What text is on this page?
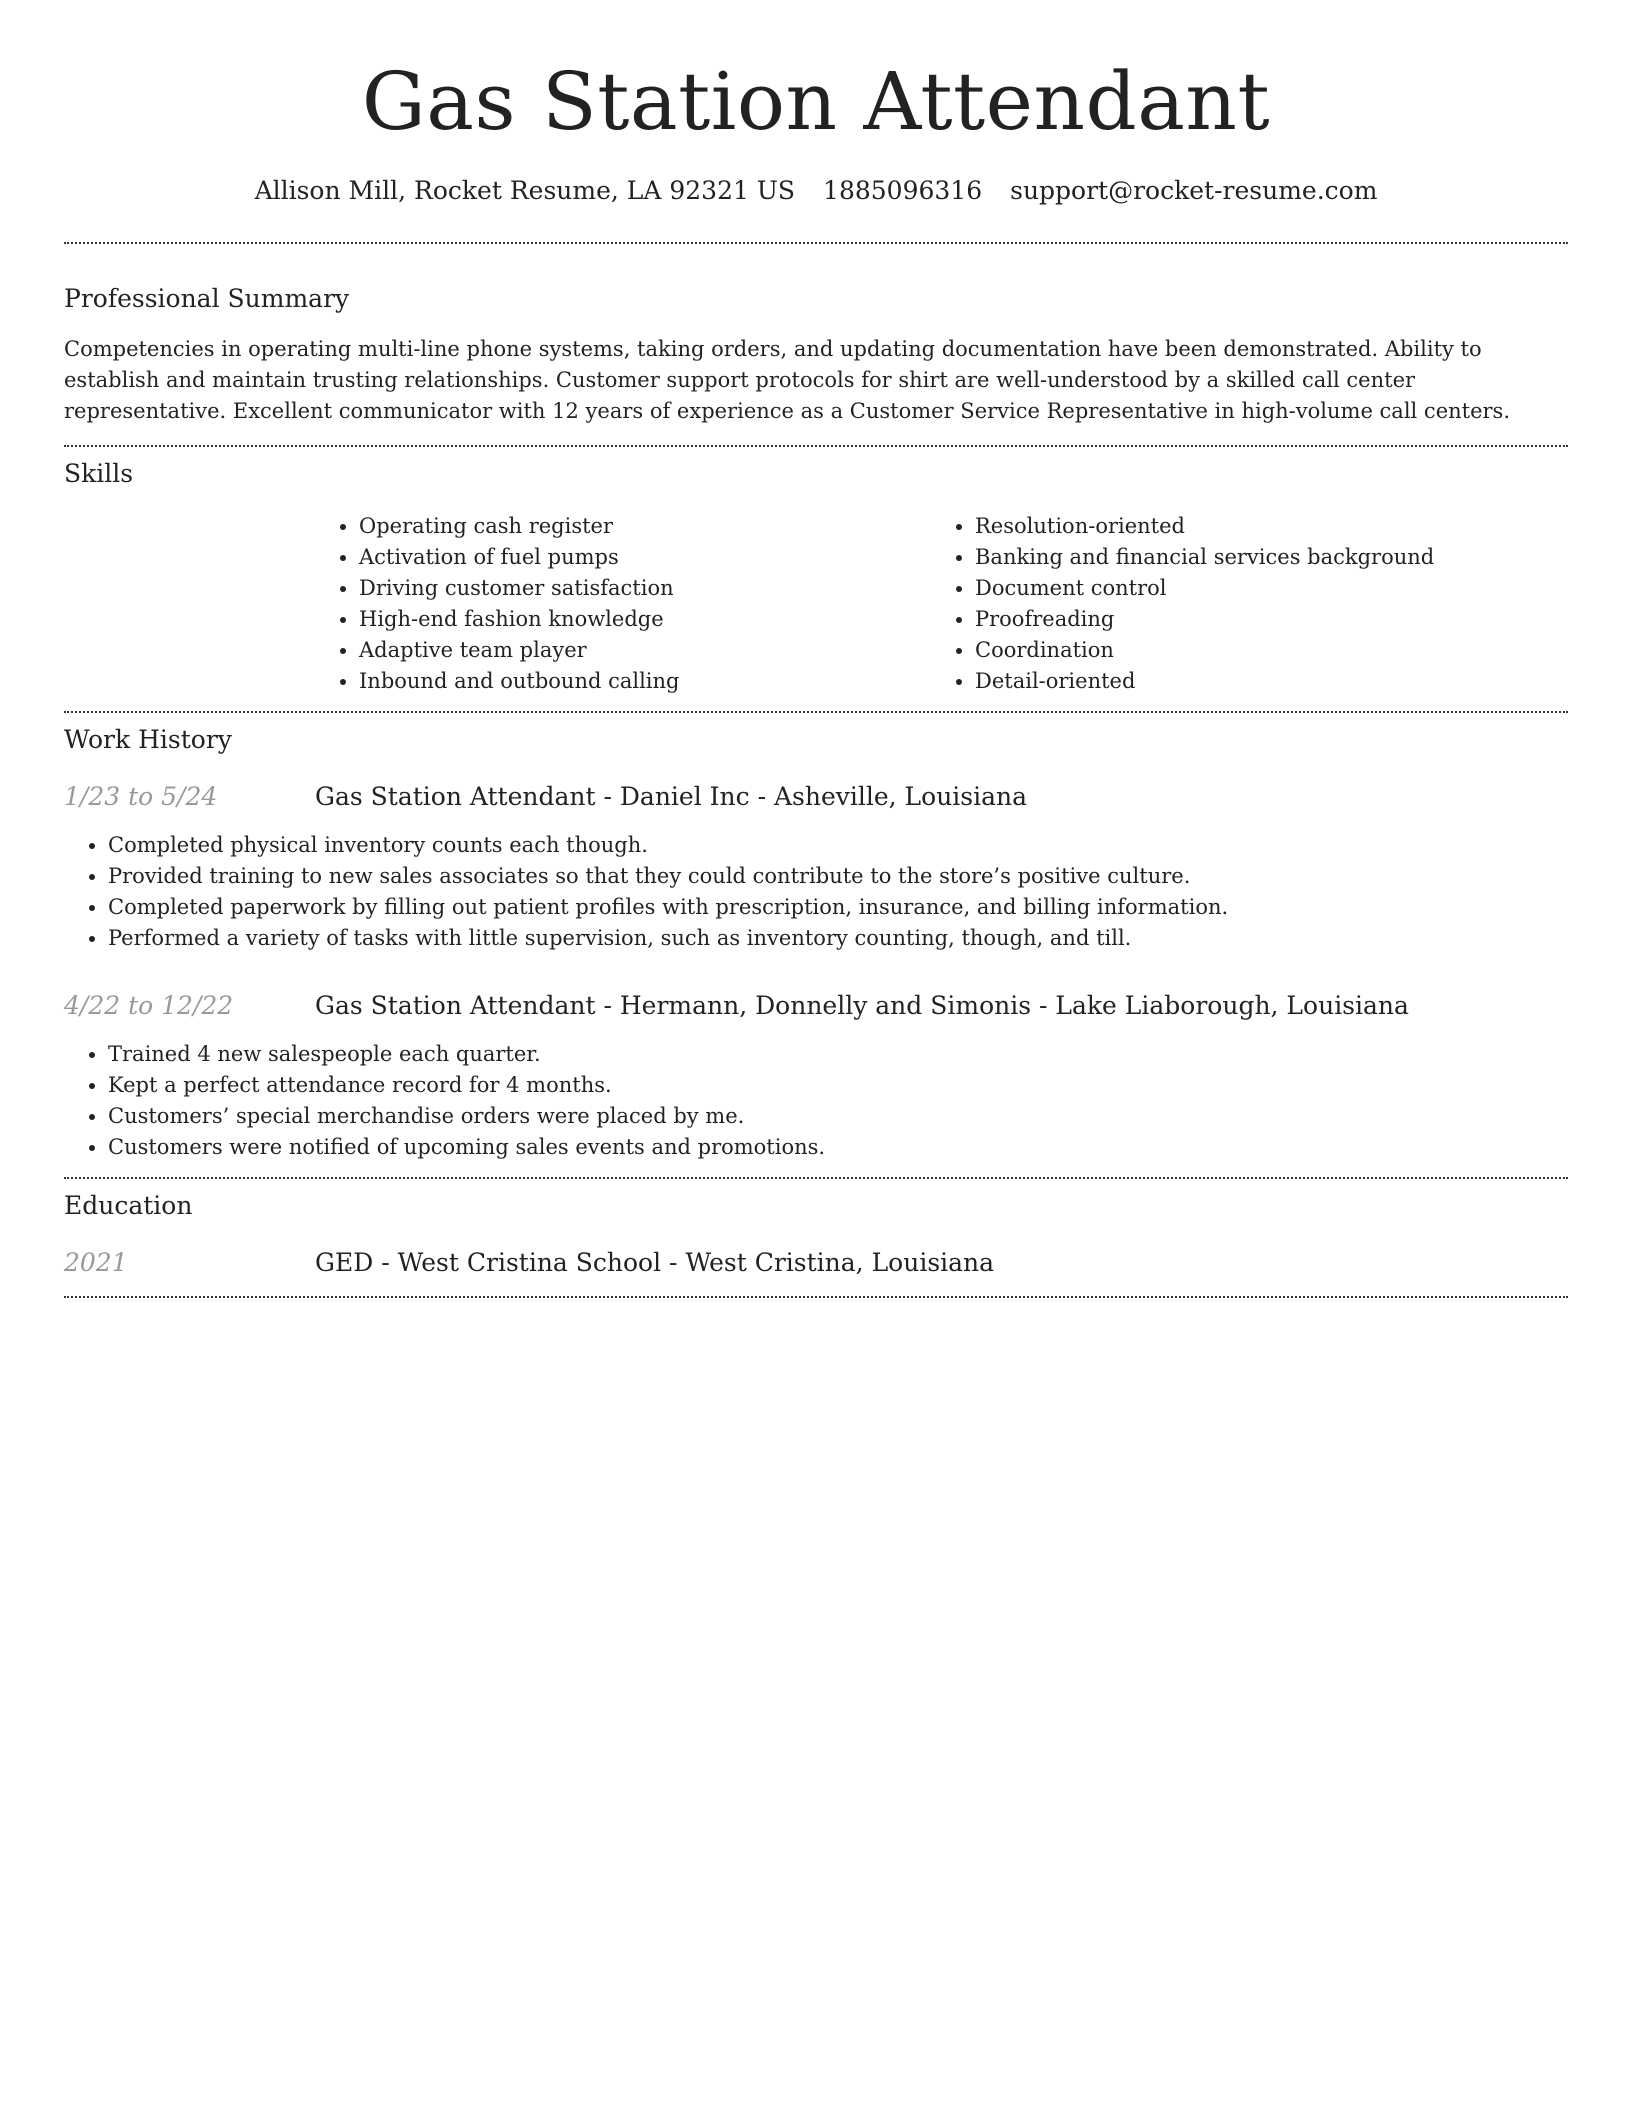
Gas Station Attendant
Allison Mill, Rocket Resume, LA 92321 US 1885096316 support@rocket-resume.com
Professional Summary

Competencies in operating multi-line phone systems, taking orders, and updating documentation have been demonstrated. Ability to establish and maintain trusting relationships. Customer support protocols for shirt are well-understood by a skilled call center representative. Excellent communicator with 12 years of experience as a Customer Service Representative in high-volume call centers.

Skills
• Operating cash register
• Activation of fuel pumps
• Driving customer satisfaction
• High-end fashion knowledge
• Adaptive team player
• Inbound and outbound calling
• Resolution-oriented
• Banking and financial services background
• Document control
• Proofreading
• Coordination
• Detail-oriented
Work History
1/23 to 5/24	Gas Station Attendant - Daniel Inc - Asheville, Louisiana
• Completed physical inventory counts each though.
• Provided training to new sales associates so that they could contribute to the store’s positive culture.
• Completed paperwork by filling out patient profiles with prescription, insurance, and billing information.
• Performed a variety of tasks with little supervision, such as inventory counting, though, and till.
4/22 to 12/22	Gas Station Attendant - Hermann, Donnelly and Simonis - Lake Liaborough, Louisiana
• Trained 4 new salespeople each quarter.
• Kept a perfect attendance record for 4 months.
• Customers’ special merchandise orders were placed by me.
• Customers were notified of upcoming sales events and promotions.
Education
2021	GED - West Cristina School - West Cristina, Louisiana
